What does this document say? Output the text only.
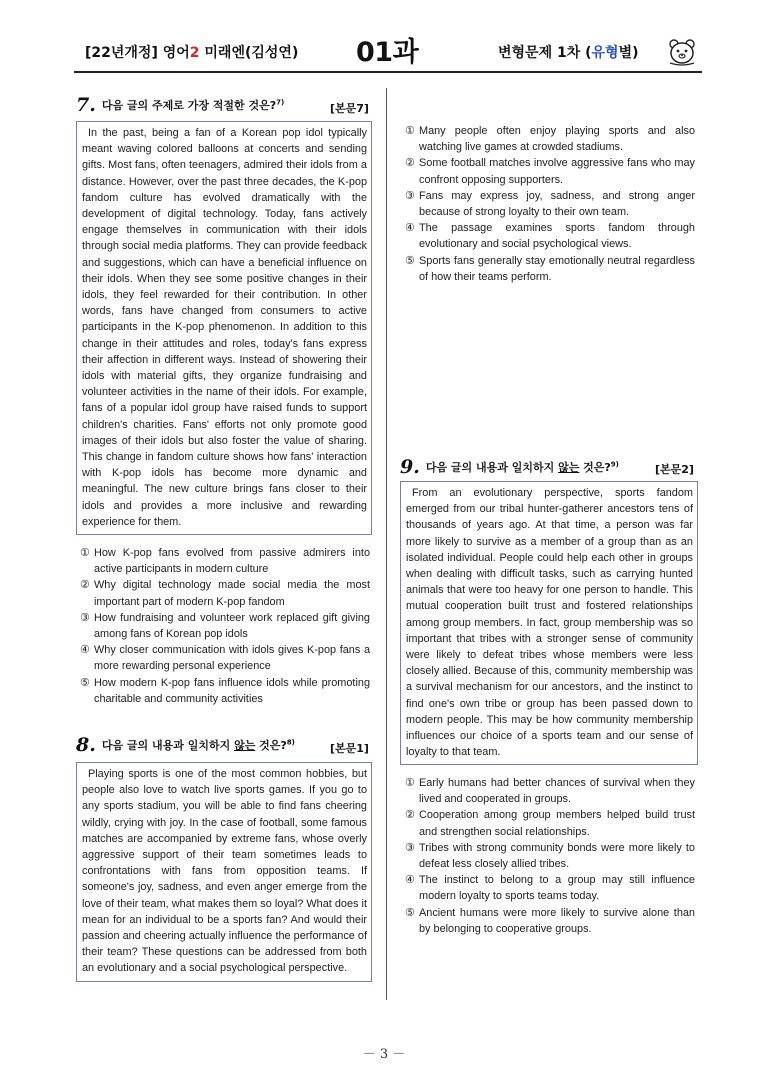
[22년개정] 영어2 미래엔(김성연) 01과	변형문제 1차 (유형별)
7. 다음 글의 주제로 가장 적절한 것은?$^{7)}$	[본문7]
In the past, being a fan of a Korean pop idol typically meant waving colored balloons at concerts and sending gifts. Most fans, often teenagers, admired their idols from a distance. However, over the past three decades, the K-pop fandom culture has evolved dramatically with the development of digital technology. Today, fans actively engage themselves in communication with their idols through social media platforms. They can provide feedback and suggestions, which can have a beneficial influence on their idols. When they see some positive changes in their idols, they feel rewarded for their contribution. In other words, fans have changed from consumers to active participants in the K-pop phenomenon. In addition to this change in their attitudes and roles, today's fans express their affection in different ways. Instead of showering their idols with material gifts, they organize fundraising and volunteer activities in the name of their idols. For example, fans of a popular idol group have raised funds to support children's charities. Fans' efforts not only promote good images of their idols but also foster the value of sharing. This change in fandom culture shows how fans' interaction with K-pop idols has become more dynamic and meaningful. The new culture brings fans closer to their idols and provides a more inclusive and rewarding experience for them.
① How K-pop fans evolved from passive admirers into active participants in modern culture
② Why digital technology made social media the most important part of modern K-pop fandom
③ How fundraising and volunteer work replaced gift giving among fans of Korean pop idols
④ Why closer communication with idols gives K-pop fans a more rewarding personal experience
⑤ How modern K-pop fans influence idols while promoting charitable and community activities
8. 다음 글의 내용과 일치하지 않는 것은?$^{8)}$	[본문1]
Playing sports is one of the most common hobbies, but people also love to watch live sports games. If you go to any sports stadium, you will be able to find fans cheering wildly, crying with joy. In the case of football, some famous matches are accompanied by extreme fans, whose overly aggressive support of their team sometimes leads to confrontations with fans from opposition teams. If someone's joy, sadness, and even anger emerge from the love of their team, what makes them so loyal? What does it mean for an individual to be a sports fan? And would their passion and cheering actually influence the performance of their team? These questions can be addressed from both an evolutionary and a social psychological perspective.
① Many people often enjoy playing sports and also watching live games at crowded stadiums.
② Some football matches involve aggressive fans who may confront opposing supporters.
③ Fans may express joy, sadness, and strong anger because of strong loyalty to their own team.
④ The passage examines sports fandom through evolutionary and social psychological views.
⑤ Sports fans generally stay emotionally neutral regardless of how their teams perform.
9. 다음 글의 내용과 일치하지 않는 것은?$^{9)}$	[본문2]
From an evolutionary perspective, sports fandom emerged from our tribal hunter-gatherer ancestors tens of thousands of years ago. At that time, a person was far more likely to survive as a member of a group than as an isolated individual. People could help each other in groups when dealing with difficult tasks, such as carrying hunted animals that were too heavy for one person to handle. This mutual cooperation built trust and fostered relationships among group members. In fact, group membership was so important that tribes with a stronger sense of community were likely to defeat tribes whose members were less closely allied. Because of this, community membership was a survival mechanism for our ancestors, and the instinct to find one's own tribe or group has been passed down to modern people. This may be how community membership influences our choice of a sports team and our sense of loyalty to that team.
① Early humans had better chances of survival when they lived and cooperated in groups.
② Cooperation among group members helped build trust and strengthen social relationships.
③ Tribes with strong community bonds were more likely to defeat less closely allied tribes.
④ The instinct to belong to a group may still influence modern loyalty to sports teams today.
⑤ Ancient humans were more likely to survive alone than by belonging to cooperative groups.
－ 3 －
